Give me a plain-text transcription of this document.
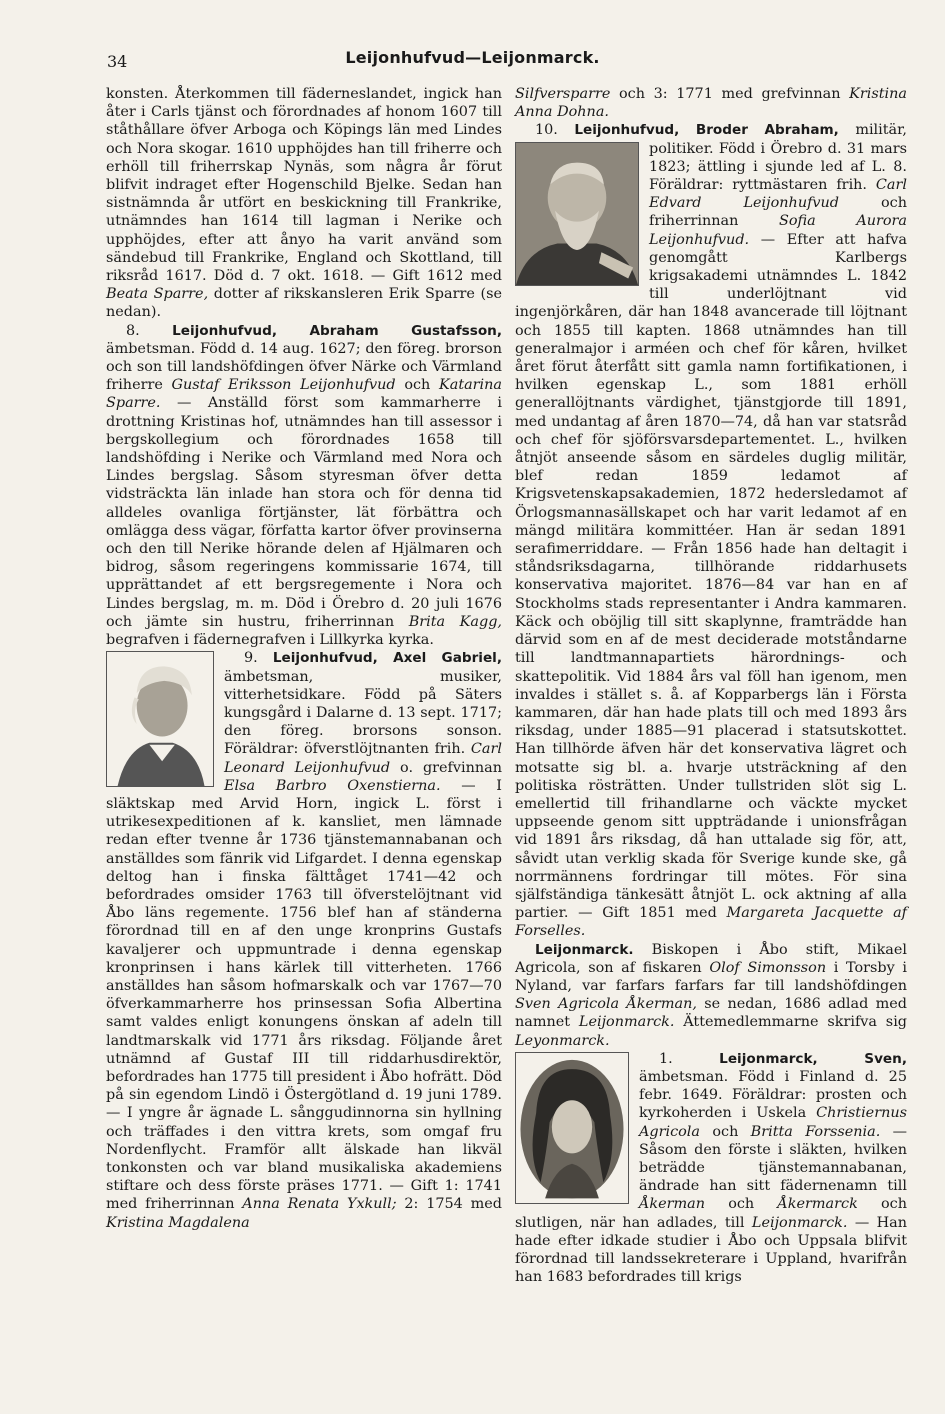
34	Leijonhufvud—Leijonmarck.

konsten. Återkommen till fäderneslandet, ingick han åter i Carls tjänst och förordnades af honom 1607 till ståthållare öfver Arboga och Köpings län med Lindes och Nora skogar. 1610 upphöjdes han till friherre och erhöll till friherrskap Nynäs, som några år förut blifvit indraget efter Hogenschild Bjelke. Sedan han sistnämnda år utfört en beskickning till Frankrike, utnämndes han 1614 till lagman i Nerike och upphöjdes, efter att ånyo ha varit använd som sändebud till Frankrike, England och Skottland, till riksråd 1617. Död d. 7 okt. 1618. — Gift 1612 med Beata Sparre, dotter af rikskansleren Erik Sparre (se nedan).

8. Leijonhufvud, Abraham Gustafsson, ämbetsman. Född d. 14 aug. 1627; den föreg. brorson och son till landshöfdingen öfver Närke och Värmland friherre Gustaf Eriksson Leijonhufvud och Katarina Sparre. — Anställd först som kammarherre i drottning Kristinas hof, utnämndes han till assessor i bergskollegium och förordnades 1658 till landshöfding i Nerike och Värmland med Nora och Lindes bergslag. Såsom styresman öfver detta vidsträckta län inlade han stora och för denna tid alldeles ovanliga förtjänster, lät förbättra och omlägga dess vägar, författa kartor öfver provinserna och den till Nerike hörande delen af Hjälmaren och bidrog, såsom regeringens kommissarie 1674, till upprättandet af ett bergsregemente i Nora och Lindes bergslag, m. m. Död i Örebro d. 20 juli 1676 och jämte sin hustru, friherrinnan Brita Kagg, begrafven i fädernegrafven i Lillkyrka kyrka.

9. Leijonhufvud, Axel Gabriel,
ämbetsman, musiker, vitterhetsidkare. Född på Säters kungsgård i Dalarne d. 13 sept. 1717; den föreg. brorsons sonson. Föräldrar: öfverstlöjtnanten frih. Carl Leonard Leijonhufvud o. grefvinnan Elsa Barbro Oxenstierna. — I släktskap med Arvid Horn, ingick L. först i utrikesexpeditionen af k. kansliet, men lämnade redan efter tvenne år 1736 tjänstemannabanan och anställdes som fänrik vid Lifgardet. I denna egenskap deltog han i finska fälttåget 1741—42 och befordrades omsider 1763 till öfverstelöjtnant vid Åbo läns regemente. 1756 blef han af ständerna förordnad till en af den unge kronprins Gustafs kavaljerer och uppmuntrade i denna egenskap kronprinsen i hans kärlek till vitterheten. 1766 anställdes han såsom hofmarskalk och var 1767—70 öfverkammarherre hos prinsessan Sofia Albertina samt valdes enligt konungens önskan af adeln till landtmarskalk vid 1771 års riksdag. Följande året utnämnd af Gustaf III till riddarhusdirektör, befordrades han 1775 till president i Åbo hofrätt. Död på sin egendom Lindö i Östergötland d. 19 juni 1789. — I yngre år ägnade L. sånggudinnorna sin hyllning och träffades i den vittra krets, som omgaf fru Nordenflycht. Framför allt älskade han likväl tonkonsten och var bland musikaliska akademiens stiftare och dess förste präses 1771. — Gift 1: 1741 med friherrinnan Anna Renata Yxkull; 2: 1754 med Kristina Magdalena

Silfversparre och 3: 1771 med grefvinnan Kristina Anna Dohna.

10. Leijonhufvud, Broder Abraham,
militär, politiker. Född i Örebro d. 31 mars 1823; ättling i sjunde led af L. 8. Föräldrar: ryttmästaren frih. Carl Edvard Leijonhufvud och friherrinnan Sofia Aurora Leijonhufvud. — Efter att hafva genomgått Karlbergs krigsakademi utnämndes L. 1842 till underlöjtnant vid ingenjörkåren, där han 1848 avancerade till löjtnant och 1855 till kapten. 1868 utnämndes han till generalmajor i arméen och chef för kåren, hvilket året förut återfått sitt gamla namn fortifikationen, i hvilken egenskap L., som 1881 erhöll generallöjtnants värdighet, tjänstgjorde till 1891, med undantag af åren 1870—74, då han var statsråd och chef för sjöförsvarsdepartementet. L., hvilken åtnjöt anseende såsom en särdeles duglig militär, blef redan 1859 ledamot af Krigsvetenskapsakademien, 1872 hedersledamot af Örlogsmannasällskapet och har varit ledamot af en mängd militära kommittéer. Han är sedan 1891 serafimerriddare. — Från 1856 hade han deltagit i ståndsriksdagarna, tillhörande riddarhusets konservativa majoritet. 1876—84 var han en af Stockholms stads representanter i Andra kammaren. Käck och oböjlig till sitt skaplynne, framträdde han därvid som en af de mest deciderade motståndarne till landtmannapartiets härordnings- och skattepolitik. Vid 1884 års val föll han igenom, men invaldes i stället s. å. af Kopparbergs län i Första kammaren, där han hade plats till och med 1893 års riksdag, under 1885—91 placerad i statsutskottet. Han tillhörde äfven här det konservativa lägret och motsatte sig bl. a. hvarje utsträckning af den politiska rösträtten. Under tullstriden slöt sig L. emellertid till frihandlarne och väckte mycket uppseende genom sitt uppträdande i unionsfrågan vid 1891 års riksdag, då han uttalade sig för, att, såvidt utan verklig skada för Sverige kunde ske, gå norrmännens fordringar till mötes. För sina själfständiga tänkesätt åtnjöt L. ock aktning af alla partier. — Gift 1851 med Margareta Jacquette af Forselles.

Leijonmarck. Biskopen i Åbo stift, Mikael Agricola, son af fiskaren Olof Simonsson i Torsby i Nyland, var farfars farfars far till landshöfdingen Sven Agricola Åkerman, se nedan, 1686 adlad med namnet Leijonmarck. Ättemedlemmarne skrifva sig Leyonmarck.

1.	Leijonmarck, Sven,
ämbetsman. Född i Finland d. 25 febr. 1649. Föräldrar: prosten och kyrkoherden i Uskela Christiernus Agricola och Britta Forssenia. — Såsom den förste i släkten, hvilken beträdde tjänstemannabanan, ändrade han sitt fädernenamn till Åkerman och Åkermarck och slutligen, när han adlades, till Leijonmarck. — Han hade efter idkade studier i Åbo och Uppsala blifvit förordnad till landssekreterare i Uppland, hvarifrån han 1683 befordrades till krigs
